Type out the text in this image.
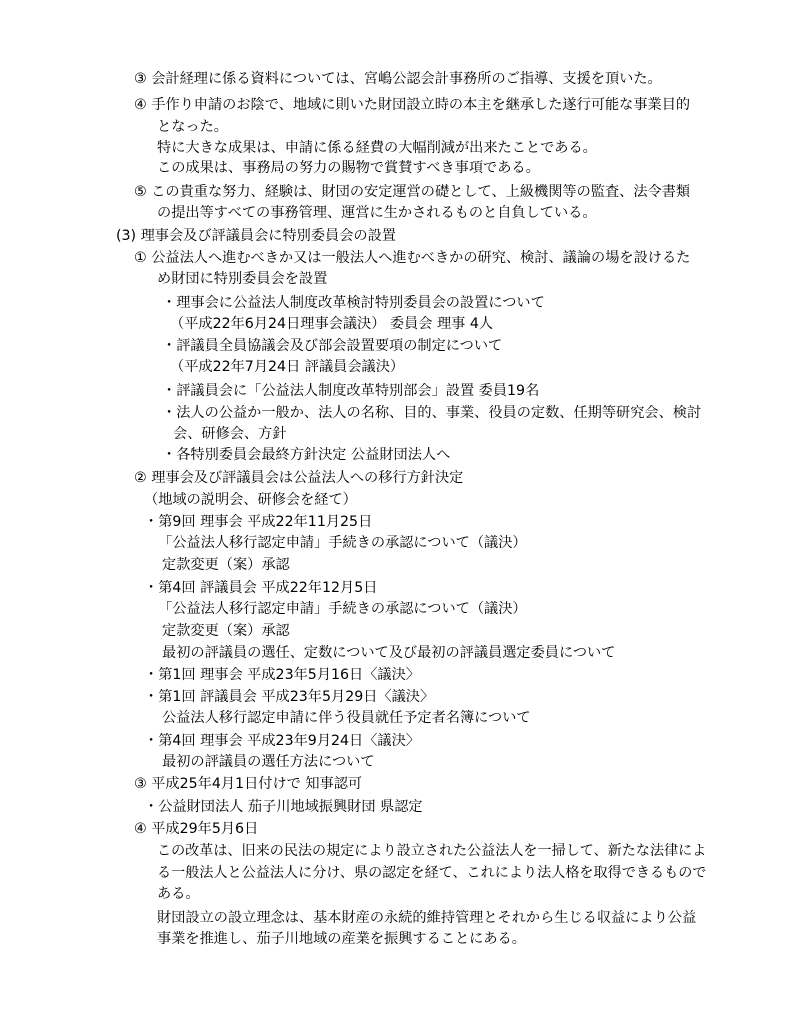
③ 会計経理に係る資料については、宮嶋公認会計事務所のご指導、支援を頂いた。
④ 手作り申請のお陰で、地域に則いた財団設立時の本主を継承した遂行可能な事業目的
となった。
特に大きな成果は、申請に係る経費の大幅削減が出来たことである。
この成果は、事務局の努力の賜物で賞賛すべき事項である。
⑤ この貴重な努力、経験は、財団の安定運営の礎として、上級機関等の監査、法令書類
の提出等すべての事務管理、運営に生かされるものと自負している。
(3) 理事会及び評議員会に特別委員会の設置
① 公益法人へ進むべきか又は一般法人へ進むべきかの研究、検討、議論の場を設けるた
め財団に特別委員会を設置
・理事会に公益法人制度改革検討特別委員会の設置について
（平成22年6月24日理事会議決） 委員会 理事 4人
・評議員全員協議会及び部会設置要項の制定について
（平成22年7月24日 評議員会議決）
・評議員会に「公益法人制度改革特別部会」設置 委員19名
・法人の公益か一般か、法人の名称、目的、事業、役員の定数、任期等研究会、検討
会、研修会、方針
・各特別委員会最終方針決定 公益財団法人へ
② 理事会及び評議員会は公益法人への移行方針決定
（地域の説明会、研修会を経て）
・第9回 理事会 平成22年11月25日
「公益法人移行認定申請」手続きの承認について（議決）
定款変更（案）承認
・第4回 評議員会 平成22年12月5日
「公益法人移行認定申請」手続きの承認について（議決）
定款変更（案）承認
最初の評議員の選任、定数について及び最初の評議員選定委員について
・第1回 理事会 平成23年5月16日〈議決〉
・第1回 評議員会 平成23年5月29日〈議決〉
公益法人移行認定申請に伴う役員就任予定者名簿について
・第4回 理事会 平成23年9月24日〈議決〉
最初の評議員の選任方法について
③ 平成25年4月1日付けで 知事認可
・公益財団法人 茄子川地域振興財団 県認定
④ 平成29年5月6日
この改革は、旧来の民法の規定により設立された公益法人を一掃して、新たな法律によ
る一般法人と公益法人に分け、県の認定を経て、これにより法人格を取得できるもので
ある。
財団設立の設立理念は、基本財産の永続的維持管理とそれから生じる収益により公益
事業を推進し、茄子川地域の産業を振興することにある。
